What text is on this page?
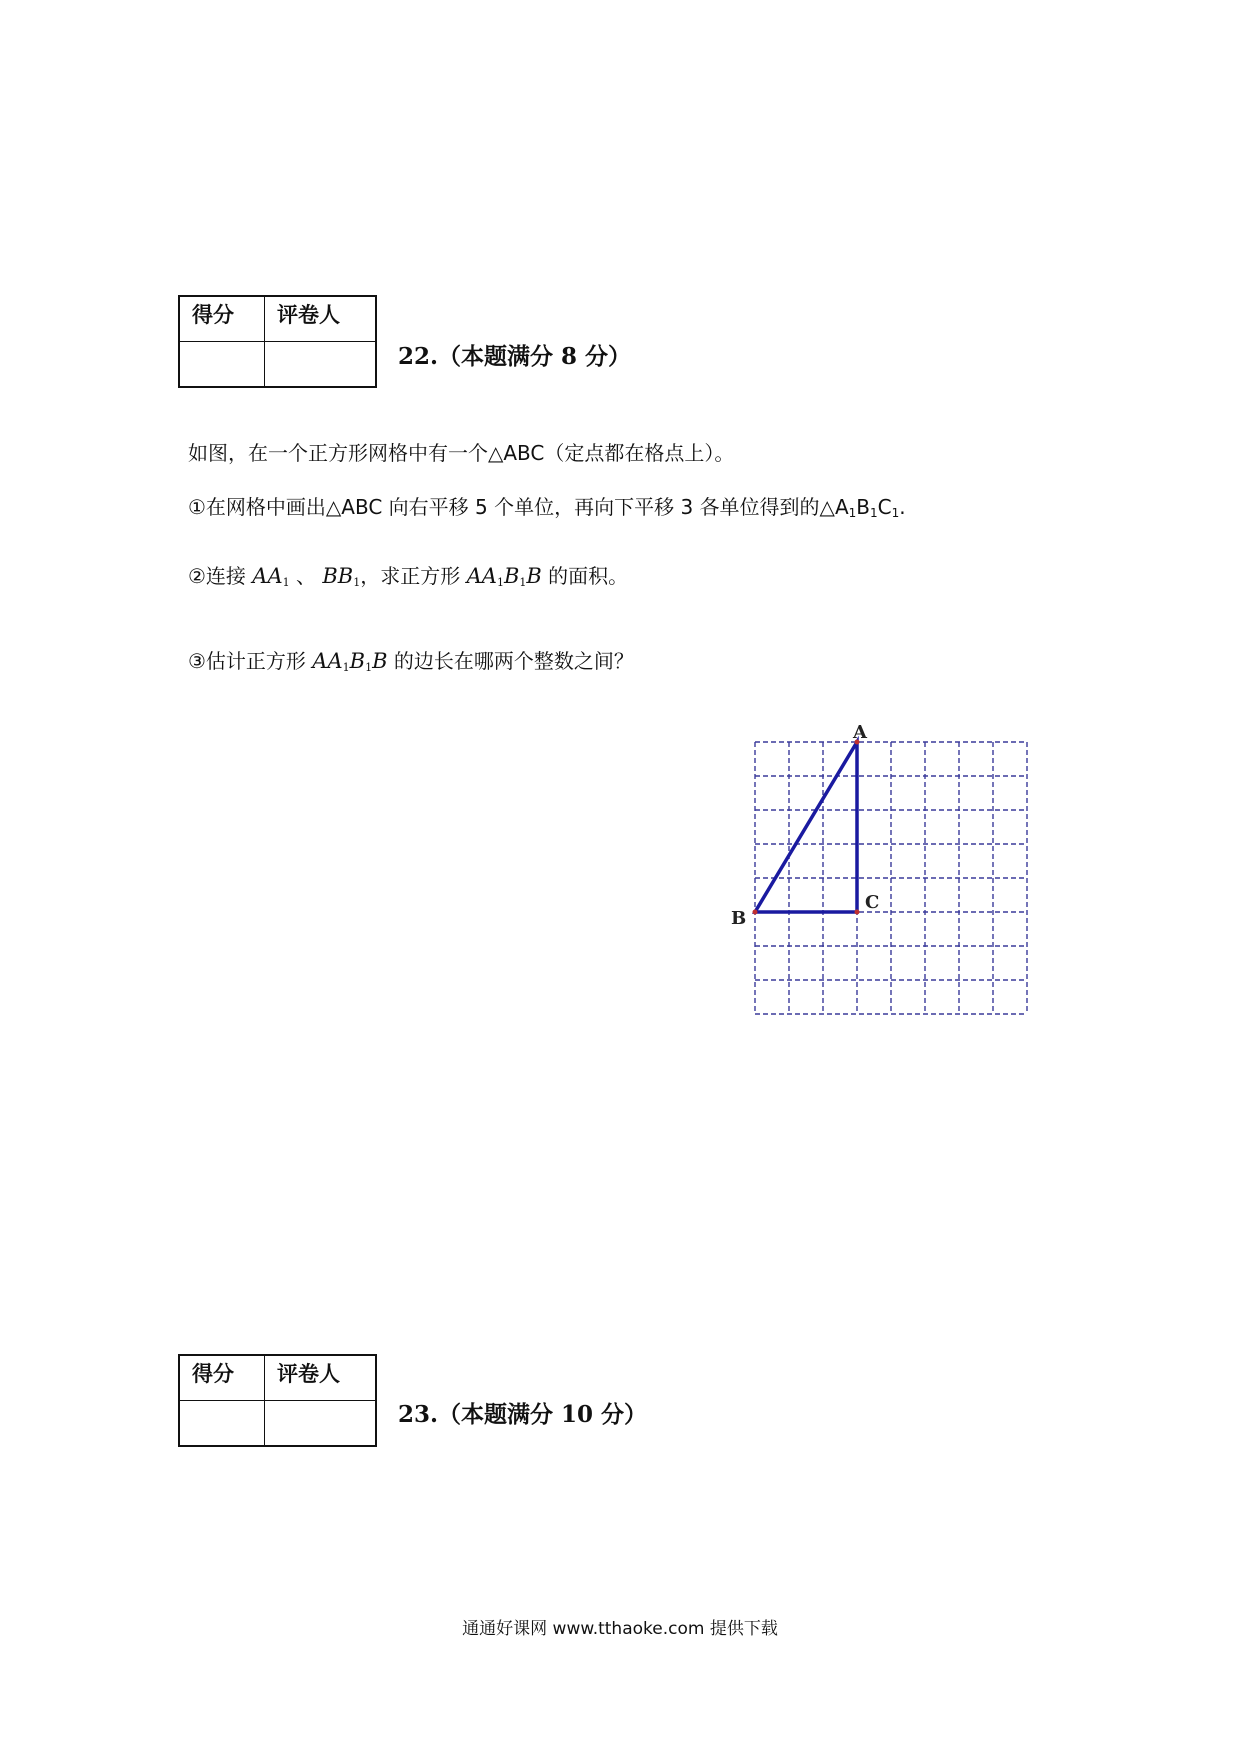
得分	评卷人

22.（本题满分 8 分）
如图，在一个正方形网格中有一个△ABC（定点都在格点上）。
①在网格中画出△ABC 向右平移 5 个单位，再向下平移 3 各单位得到的$\triangle A_1B_1C_1$.
②连接 $AA_1$ 、 $BB_1$，求正方形 $AA_1B_1B$ 的面积。
③估计正方形 $AA_1B_1B$ 的边长在哪两个整数之间？
A
B
C
得分	评卷人

23.（本题满分 10 分）
通通好课网 www.tthaoke.com 提供下载
